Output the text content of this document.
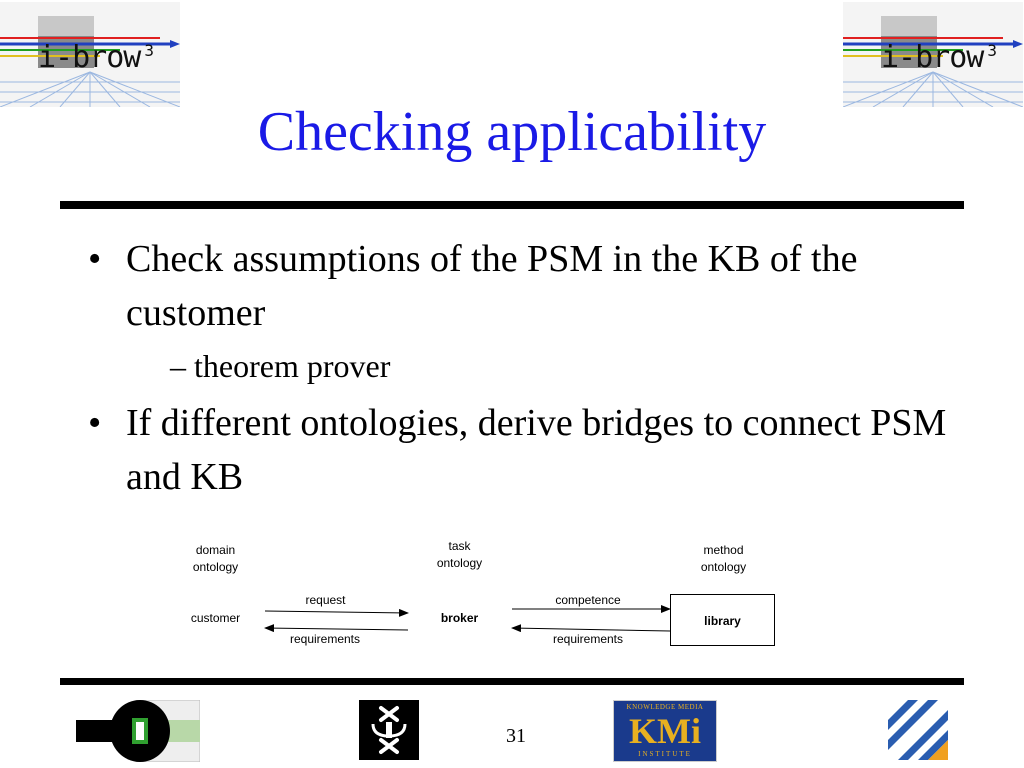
i-brow $^3$	i-brow $^3$
Checking applicability
• Check assumptions of the PSM in the KB of the customer
– theorem prover
• If different ontologies, derive bridges to connect PSM and KB
domain
ontology
task
ontology
method
ontology
customer	broker	library
request
requirements
competence
requirements
31
KNOWLEDGE MEDIA
KMi
INSTITUTE
